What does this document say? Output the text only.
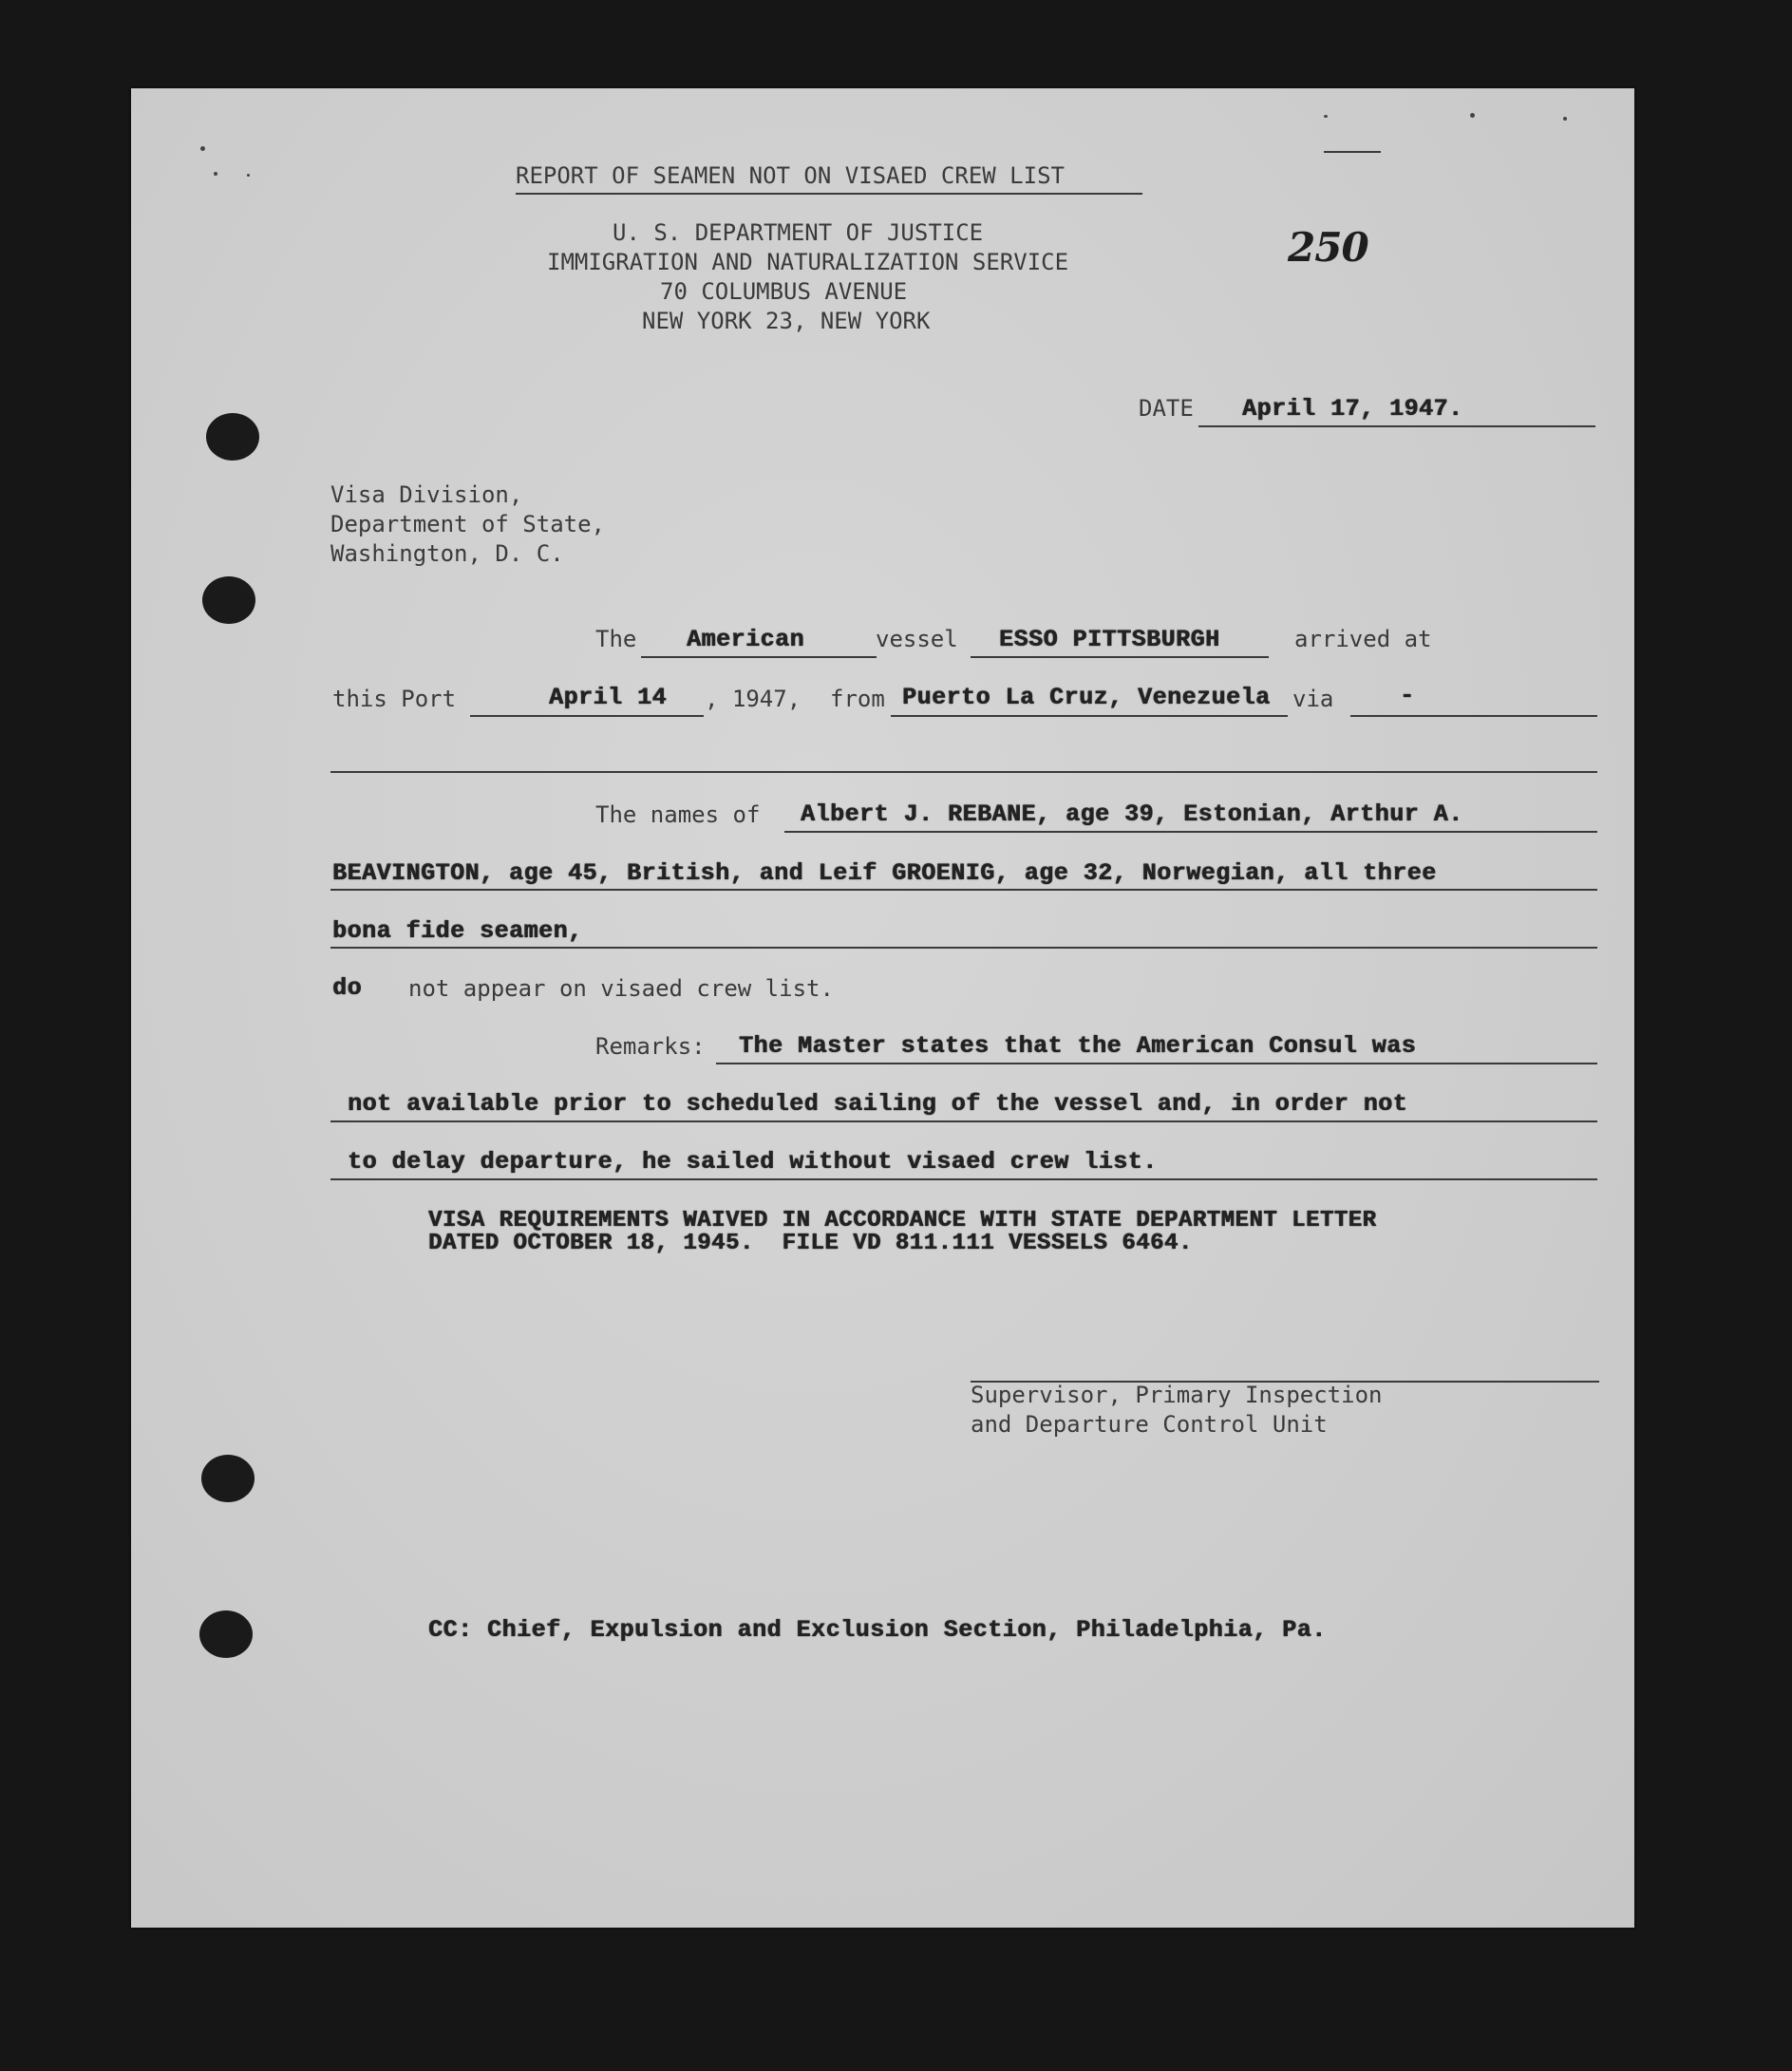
REPORT OF SEAMEN NOT ON VISAED CREW LIST
U. S. DEPARTMENT OF JUSTICE
IMMIGRATION AND NATURALIZATION SERVICE
70 COLUMBUS AVENUE
NEW YORK 23, NEW YORK
250
DATE April 17, 1947.
Visa Division,
Department of State,
Washington, D. C.
The American	vessel ESSO PITTSBURGH	arrived at
this Port	April 14 , 1947, from Puerto La Cruz, Venezuela via	-
The names of Albert J. REBANE, age 39, Estonian, Arthur A.
BEAVINGTON, age 45, British, and Leif GROENIG, age 32, Norwegian, all three
bona fide seamen,
do not appear on visaed crew list.
Remarks: The Master states that the American Consul was
not available prior to scheduled sailing of the vessel and, in order not
to delay departure, he sailed without visaed crew list.
VISA REQUIREMENTS WAIVED IN ACCORDANCE WITH STATE DEPARTMENT LETTER
DATED OCTOBER 18, 1945.  FILE VD 811.111 VESSELS 6464.
Supervisor, Primary Inspection
and Departure Control Unit
CC: Chief, Expulsion and Exclusion Section, Philadelphia, Pa.
